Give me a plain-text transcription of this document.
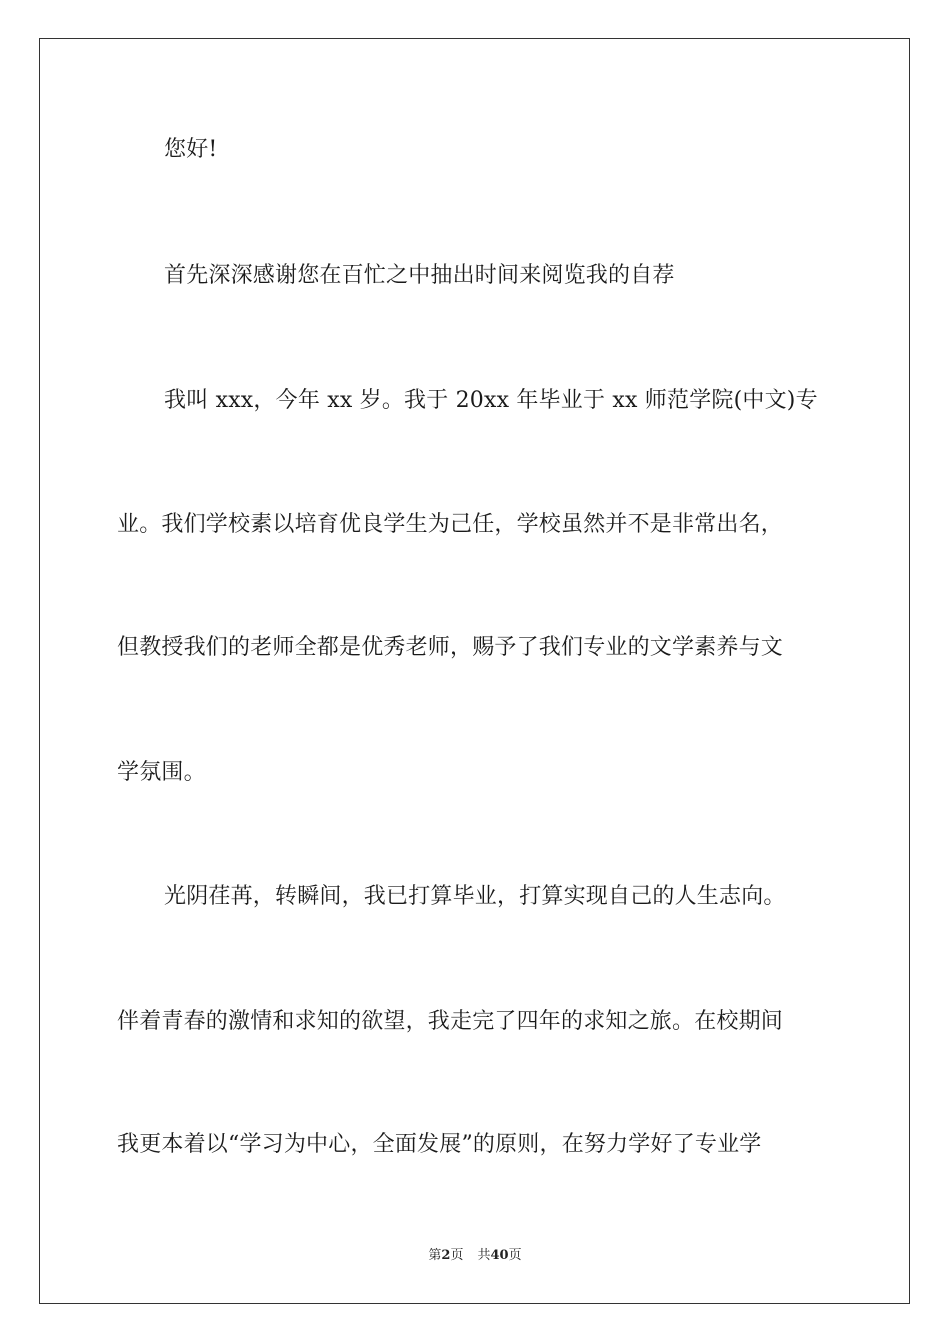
您好!
首先深深感谢您在百忙之中抽出时间来阅览我的自荐
我叫 xxx，今年 xx 岁。我于 20xx 年毕业于 xx 师范学院(中文)专
业。我们学校素以培育优良学生为己任，学校虽然并不是非常出名，
但教授我们的老师全都是优秀老师，赐予了我们专业的文学素养与文
学氛围。
光阴荏苒，转瞬间，我已打算毕业，打算实现自己的人生志向。
伴着青春的激情和求知的欲望，我走完了四年的求知之旅。在校期间
我更本着以“学习为中心，全面发展”的原则，在努力学好了专业学
第2页 共40页
